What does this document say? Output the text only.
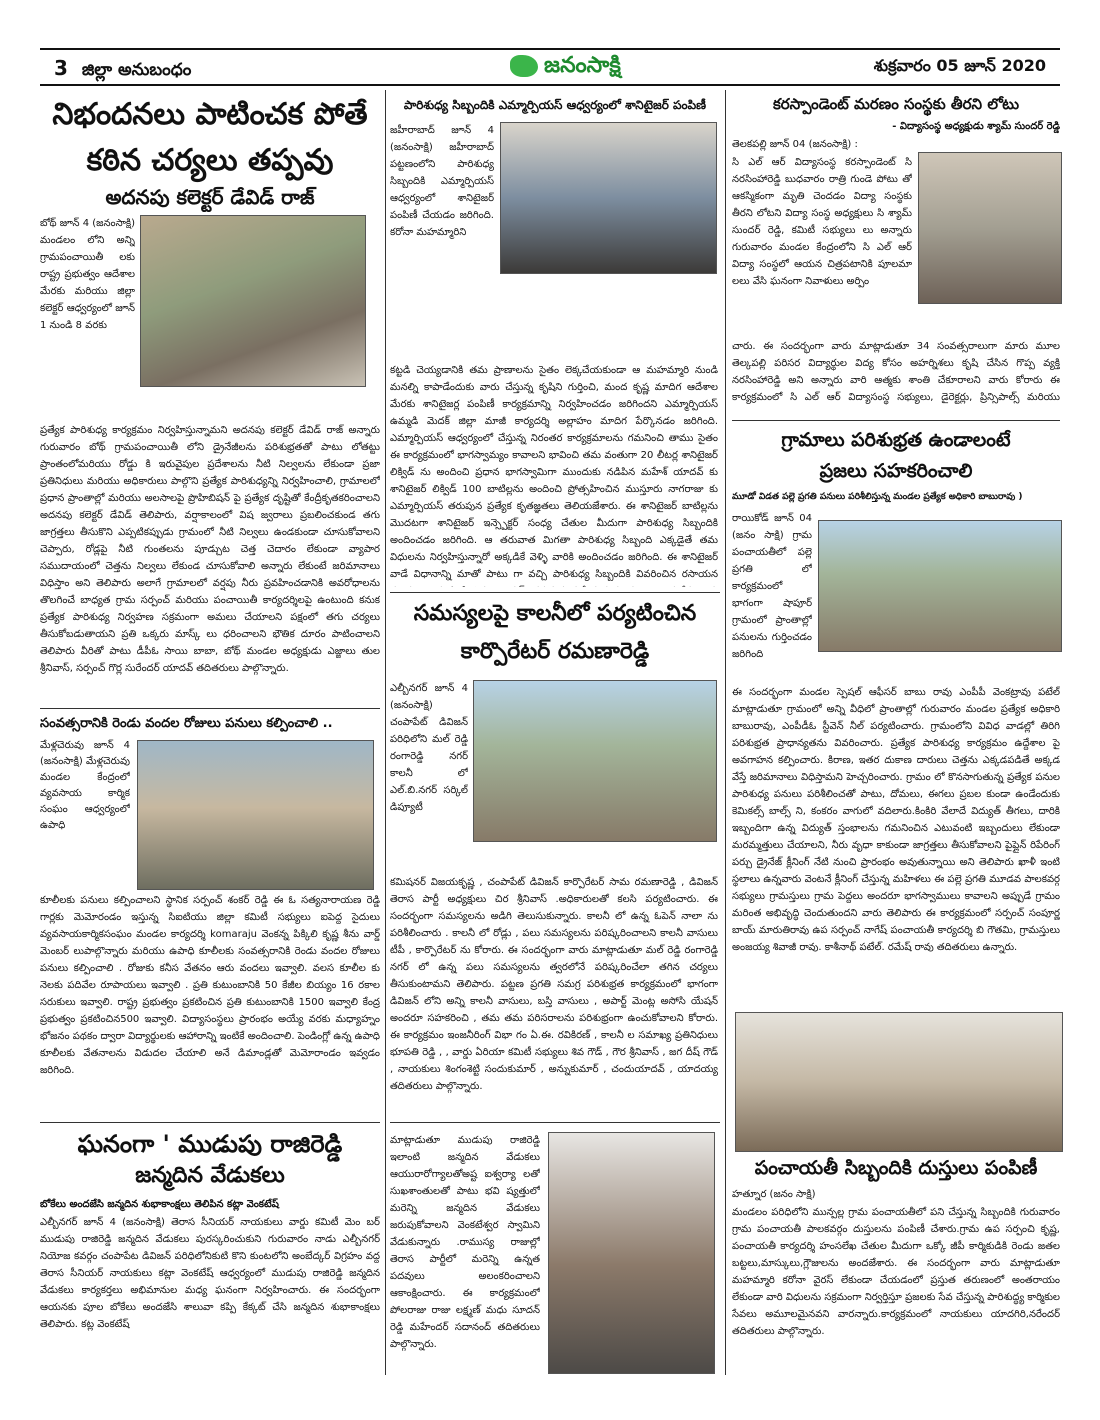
3 జిల్లా అనుబంధం	జనంసాక్షి	శుక్రవారం 05 జూన్ 2020
నిభందనలు పాటించక పోతే
కఠిన చర్యలు తప్పవు
అదనపు కలెక్టర్ డేవిడ్ రాజ్
బోథ్ జూన్ 4 (జనంసాక్షి) మండలం లోని అన్ని గ్రామపంచాయితీ లకు రాష్ట్ర ప్రభుత్వం ఆదేశాల మేరకు మరియు జిల్లా కలెక్టర్ ఆధ్వర్యంలో జూన్ 1 నుండి 8 వరకు
ప్రత్యేక పారిశుధ్య కార్యక్రమం నిర్వహిస్తున్నామని అదనపు కలెక్టర్ డేవిడ్ రాజ్ అన్నారు గురువారం బోథ్ గ్రామపంచాయితీ లోని డ్రైనేజీలను పరిశుభ్రతతో పాటు లోతట్టు ప్రాంతంలోమరియు రోడ్డు కి ఇరువైపుల ప్రదేశాలను నీటి నిల్వలను లేకుండా ప్రజా ప్రతినిధులు మరియు అధికారులు పాల్గొని ప్రత్యేక పారిశుధ్యన్ని నిర్వహించాలి, గ్రామాలలో ప్రధాన ప్రాంతాల్లో మరియు అలసాలపై ప్రొహిబిషన్ పై ప్రత్యేక దృష్టితో కేంద్రీకృతకరించాలని అదనపు కలెక్టర్ డేవిడ్ తెలిపారు, వర్షాకాలంలో విష జ్వరాలు ప్రబలించకుండ తగు జాగ్రత్తలు తీసుకొని ఎప్పటికప్పుడు గ్రామంలో నీటి నిల్వలు ఉండకుండా చూసుకోవాలని చెప్పారు, రోడ్లపై నీటి గుంతలను పూడ్చుట చెత్త చెదారం లేకుండా వ్యాపార సముదాయంలో చెత్తను నిల్వలు లేకుండ చూసుకోవాలి అన్నారు లేకుంటే జరిమానాలు విధిస్తాం అని తెలిపారు అలాగే గ్రామాలలో వర్షపు నీరు ప్రవహించడానికి అవరోధాలను తొలగించే బాధ్యత గ్రామ సర్పంచ్ మరియు పంచాయితీ కార్యదర్శిలపై ఉంటుంది కనుక ప్రత్యేక పారిశుధ్య నిర్వహణ సక్రమంగా అమలు చేయాలని పక్షంలో తగు చర్యలు తీసుకోబడుతాయని ప్రతి ఒక్కరు మాస్క్ లు ధరించాలని భౌతిక దూరం పాటించాలని తెలిపారు వీరితో పాటు డీపీఓ సాయి బాబా, బోథ్ మండల అధ్యక్షుడు ఎజ్జాలు తుల శ్రీనివాస్, సర్పంచ్ గొర్ల సురేందర్ యాదవ్ తదితరులు పాల్గొన్నారు.
సంవత్సరానికి రెండు వందల రోజులు పనులు కల్పించాలి ..
మేళ్లచెరువు జూన్ 4 (జనంసాక్షి) మేళ్లచెరువు మండల కేంద్రంలో వ్యవసాయ కార్మిక సంఘం ఆధ్వర్యంలో ఉపాధి
కూలీలకు పనులు కల్పించాలని స్థానిక సర్పంచ్ శంకర్ రెడ్డి ఈ ఓ సత్యనారాయణ రెడ్డి గార్లకు మెమోరండం ఇస్తున్న సిఐటియు జిల్లా కమిటీ సభ్యులు ఐపెద్ద సైదులు వ్యవసాయకార్మికసంఘం మండల కార్యదర్శి komaraju వెంకన్న పిక్కిలి కృష్ణ శీను వార్డ్ మెంబర్ లుపాల్గొన్నారు మరియు ఉపాధి కూలీలకు సంవత్సరానికి రెండు వందల రోజులు పనులు కల్పించాలి . రోజుకు కనీస వేతనం ఆరు వందలు ఇవ్వాలి. వలస కూలీల కు నెలకు పదివేల రూపాయలు ఇవ్వాలి . ప్రతి కుటుంబానికి 50 కేజీల బియ్యం 16 రకాల సరుకులు ఇవ్వాలి. రాష్ట్ర ప్రభుత్వం ప్రకటించిన ప్రతి కుటుంబానికి 1500 ఇవ్వాలి కేంద్ర ప్రభుత్వం ప్రకటించిన500 ఇవ్వాలి. విద్యాసంస్థలు ప్రారంభం అయ్యే వరకు మధ్యాహ్నం భోజనం పథకం ద్వారా విద్యార్థులకు ఆహారాన్ని ఇంటికే అందించాలి. పెండింగ్లో ఉన్న ఉపాధి కూలీలకు వేతనాలను విడుదల చేయాలి అనే డిమాండ్లతో మెమోరాండం ఇవ్వడం జరిగింది.
ఘనంగా ' ముడుపు రాజిరెడ్డి
జన్మదిన వేడుకలు
బోకేలు అందజేసి జన్మదిన శుభాకాంక్షలు తెలిపిన కట్లా వెంకటేష్
ఎల్బీనగర్ జూన్ 4 (జనంసాక్షి) తెరాస సీనియర్ నాయకులు వార్డు కమిటీ మెం బర్ ముడుపు రాజిరెడ్డి జన్మదిన వేడుకలు పురస్కరించుకుని గురువారం నాడు ఎల్బీనగర్ నియోజ కవర్గం చంపాపేట డివిజన్ పరిధిలోనికుటి కొని కుంటలోని అంబేద్కర్ విగ్రహం వద్ద తెరాస సీనియర్ నాయకులు కట్లా వెంకటేష్ ఆధ్వర్యంలో ముడుపు రాజిరెడ్డి జన్మదిన వేడుకలు కార్యకర్తలు అభిమానుల మధ్య ఘనంగా నిర్వహించారు. ఈ సందర్భంగా ఆయనకు పూల బోకేలు అందజేసి శాలువా కప్పి కేక్కట్ చేసి జన్మదిన శుభాకాంక్షలు తెలిపారు. కట్ల వెంకటేష్
మాట్లాడుతూ ముడుపు రాజిరెడ్డి ఇలాంటి జన్మదిన వేడుకలు ఆయురారోగ్యాలతోఅష్ట ఐశ్వర్యా లతో సుఖశాంతులతో పాటు భవి ష్యత్తులో మరెన్ని జన్మదిన వేడుకలు జరుపుకోవాలని వెంకటేశ్వర స్వామిని వేడుకున్నారు .రాముస్య రాజుల్లో తెరాస పార్టీలో మరెన్ని ఉన్నత పదవులు అలంకరించాలని ఆకాంక్షించారు. ఈ కార్యక్రమంలో పోలరాజు రాజు లక్ష్మణ్ మధు సూదన్ రెడ్డి మహేందర్ సదానంద్ తదితరులు పాల్గొన్నారు.
పారిశుధ్య సిబ్బందికి ఎమ్మార్పియస్ ఆధ్వర్యంలో శానిటైజర్ పంపిణీ
జహీరాబాద్ జూన్ 4 (జనంసాక్షి) జహీరాబాద్ పట్టణంలోని పారిశుధ్య సిబ్బందికి ఎమ్మార్పియస్ ఆధ్వర్యంలో శానిటైజర్ పంపిణీ చేయడం జరిగింది. కరోనా మహమ్మారిని
కట్టడి చెయ్యడానికి తమ ప్రాణాలను సైతం లెక్కచేయకుండా ఆ మహమ్మారి నుండి మనల్ని కాపాడేందుకు వారు చేస్తున్న కృషిని గుర్తించి, మంద కృష్ణ మాదిగ ఆదేశాల మేరకు శానిటైజర్ల పంపిణీ కార్యక్రమాన్ని నిర్వహించడం జరిగిందని ఎమ్మార్పియస్ ఉమ్మడి మెదక్ జిల్లా మాజీ కార్యదర్శి అల్లాహం మాదిగ పేర్కొనడం జరిగింది. ఎమ్మార్పియస్ ఆధ్వర్యంలో చేస్తున్న నిరంతర కార్యక్రమాలను గమనించి తాము సైతం ఈ కార్యక్రమంలో భాగస్వామ్యం కావాలని భావించి తమ వంతుగా 20 లీటర్ల శానిటైజర్ లిక్విడ్ ను అందించి ప్రధాన భాగస్వామిగా ముందుకు నడిపిన మహేశ్ యాదవ్ కు శానిటైజర్ లిక్విడ్ 100 బాటిల్లను అందించి ప్రోత్సహించిన ముస్తూరు నాగరాజు కు ఎమ్మార్పియస్ తరుపున ప్రత్యేక కృతజ్ఞతలు తెలియజేశారు. ఈ శానిటైజర్ బాటిల్లను మొదటగా శానిటైజర్ ఇన్స్పెక్టర్ సంధ్య చేతుల మీదుగా పారిశుధ్య సిబ్బందికి అందించడం జరిగింది. ఆ తరువాత మిగతా పారిశుధ్య సిబ్బంది ఎక్కడైతే తమ విధులను నిర్వహిస్తున్నారో అక్కడికే వెళ్ళి వారికి అందించడం జరిగింది. ఈ శానిటైజర్ వాడే విధానాన్ని మాతో పాటు గా వచ్చి పారిశుధ్య సిబ్బందికి వివరించిన రసాయన
సమస్యలపై కాలనీలో పర్యటించిన
కార్పొరేటర్ రమణారెడ్డి
ఎల్బీనగర్ జూన్ 4 (జనంసాక్షి) చంపాపేట్ డివిజన్ పరిధిలోని మల్ రెడ్డి రంగారెడ్డి నగర్ కాలనీ లో ఎల్.బి.నగర్ సర్కిల్ డిప్యూటీ
కమిషనర్ విజయకృష్ణ , చంపాపేట్ డివిజన్ కార్పొరేటర్ సామ రమణారెడ్డి , డివిజన్ తెరాస పార్టీ అధ్యక్షులు చిర శ్రీనివాస్ .అధికారులతో కలసి పర్యటించారు. ఈ సందర్భంగా సమస్యలను అడిగి తెలుసుకున్నారు. కాలనీ లో ఉన్న ఓపెన్ నాలా ను పరిశీలించారు . కాలనీ లో రోడ్లు , పలు సమస్యలను పరిష్కరించాలని కాలనీ వాసులు టీపీ , కార్పొరేటర్ ను కోరారు. ఈ సందర్భంగా వారు మాట్లాడుతూ మల్ రెడ్డి రంగారెడ్డి నగర్ లో ఉన్న పలు సమస్యలను త్వరలోనే పరిష్కరించేలా తగిన చర్యలు తీసుకుంటామని తెలిపారు. పట్టణ ప్రగతి సమగ్ర పరిశుభ్రత కార్యక్రమంలో భాగంగా డివిజన్ లోని అన్ని కాలనీ వాసులు, బస్తి వాసులు , అపార్ట్ మెంట్ల అసోసి యేషన్ అందరూ సహకరించి , తమ తమ పరిసరాలను పరిశుభ్రంగా ఉంచుకోవాలని కోరారు. ఈ కార్యక్రమం ఇంజనీరింగ్ విభా గం ఏ.ఈ. రవికిరణ్ , కాలనీ ల సమాఖ్య ప్రతినిధులు భూపతి రెడ్డి , , వార్డు ఏరియా కమిటీ సభ్యులు శివ గౌడ్ , గౌర శ్రీనివాస్ , జగ దీష్ గౌడ్ , నాయకులు శింగంశెట్టి సందుకుమార్ , అన్నుకుమార్ , చందుయాదవ్ , యాదయ్య తదితరులు పాల్గొన్నారు.
కరస్పాండెంట్ మరణం సంస్థకు తీరని లోటు
- విద్యాసంస్థ అధ్యక్షుడు శ్యామ్ సుందర్ రెడ్డి
తెలకపల్లి జూన్ 04 (జనంసాక్షి) :
సి ఎల్ ఆర్ విద్యాసంస్థ కరస్పాండెంట్ సి నరసింహారెడ్డి బుధవారం రాత్రి గుండె పోటు తో ఆకస్మికంగా మృతి చెందడం విద్యా సంస్థకు తీరని లోటని విద్యా సంస్థ అధ్యక్షులు సి శ్యామ్ సుందర్ రెడ్డి, కమిటీ సభ్యులు లు అన్నారు గురువారం మండల కేంద్రంలోని సి ఎల్ ఆర్ విద్యా సంస్థలో ఆయన చిత్రపటానికి పూలమా లలు వేసి ఘనంగా నివాళులు అర్పిం
చారు. ఈ సందర్భంగా వారు మాట్లాడుతూ 34 సంవత్సరాలుగా మారు మూల తెల్కపల్లి పరిసర విద్యార్థుల విద్య కోసం అహర్నిశలు కృషి చేసిన గొప్ప వ్యక్తి నరసింహారెడ్డి అని అన్నారు వారి ఆత్మకు శాంతి చేకూరాలని వారు కోరారు ఈ కార్యక్రమంలో సి ఎల్ ఆర్ విద్యాసంస్థ సభ్యులు, డైరెక్టర్లు, ప్రిన్సిపాల్స్ మరియు
గ్రామాలు పరిశుభ్రత ఉండాలంటే
ప్రజలు సహకరించాలి
మూడో విడత పల్లె ప్రగతి పనులు పరిశీలిస్తున్న మండల ప్రత్యేక అధికారి బాబురావు )
రాయికోడ్ జూన్ 04 (జనం సాక్షి) గ్రామ పంచాయతీలో పల్లె ప్రగతి లో కార్యక్రమంలో భాగంగా షాపూర్ గ్రామంలో ప్రాంతాల్లో పనులను గుర్తించడం జరిగింది
ఈ సందర్భంగా మండల స్పెషల్ ఆఫీసర్ బాబు రావు ఎంపీపీ వెంకట్రావు పటేల్ మాట్లాడుతూ గ్రామంలో అన్ని వీధిలో ప్రాంతాల్లో గురువారం మండల ప్రత్యేక అధికారి బాబురావు, ఎంపీడీఓ స్టీవెన్ నీల్ పర్యటించారు. గ్రామంలోని వివిధ వాడల్లో తిరిగి పరిశుభ్రత ప్రాధాన్యతను వివరించారు. ప్రత్యేక పారిశుధ్య కార్యక్రమం ఉద్దేశాల పై అవగాహన కల్పించారు. కిరాణ, ఇతర దుకాణ దారులు చెత్తను ఎక్కడపడితే అక్కడ వేస్తే జరిమానాలు విధిస్తామని హెచ్చరించారు. గ్రామం లో కొనసాగుతున్న ప్రత్యేక పనుల పారిశుధ్య పనులు పరిశీలించతో పాటు, దోమలు, ఈగలు ప్రబల కుండా ఉండేందుకు కెమికల్స్ బాల్స్ ని, కంకరం వాగులో వదిలారు.కింకిరి వేలాదే విద్యుత్ తీగలు, దారికి ఇబ్బందిగా ఉన్న విద్యుత్ స్తంభాలను గమనించిన ఎటువంటి ఇబ్బందులు లేకుండా మరమ్మత్తులు చేయాలని, నీరు వృధా కాకుండా జాగ్రత్తలు తీసుకోవాలని పైప్లైన్ రిపేరింగ్ పర్చు డ్రైనేజ్ క్లీనింగ్ నేటి నుంచి ప్రారంభం అవుతున్నాయి అని తెలిపారు ఖాళీ ఇంటి స్థలాలు ఉన్నవారు వెంటనే క్లీనింగ్ చేస్తున్న మహిళలు ఈ పల్లె ప్రగతి మూడవ పాలకవర్గ సభ్యులు గ్రామస్తులు గ్రామ పెద్దలు అందరూ భాగస్వాములు కావాలని అప్పుడే గ్రామం మరింత అభివృద్ధి చెందుతుందని వారు తెలిపారు ఈ కార్యక్రమంలో సర్పంచ్ సంపూర్ణ బాయ్ మారుతిరావు ఉప సర్పంచ్ నాగేష్ పంచాయతీ కార్యదర్శి బి గౌతమి, గ్రామస్తులు అంజయ్య శివాజీ రావు. కాశీనాథ్ పటేల్. రమేష్ రావు తదితరులు ఉన్నారు.
పంచాయతీ సిబ్బందికి దుస్తులు పంపిణీ
హత్నూర (జనం సాక్షి)
మండలం పరిధిలోని మున్పల్ల గ్రామ పంచాయతీలో పని చేస్తున్న సిబ్బందికి గురువారం గ్రామ పంచాయతీ పాలకవర్గం దుస్తులను పంపిణీ చేశారు.గ్రామ ఉప సర్పంచి కృష్ణ, పంచాయతీ కార్యదర్శి హంసలేఖ చేతుల మీదుగా ఒక్కో జీపీ కార్మికుడికి రెండు జతల బట్టలు,మాస్కులు,గ్లౌజులను అందజేశారు. ఈ సందర్భంగా వారు మాట్లాడుతూ మహమ్మారి కరోనా వైరస్ లేకుండా చేయడంలో ప్రస్తుత తరుణంలో అంతరాయం లేకుండా వారి విధులను సక్రమంగా నిర్వర్తిస్తూ ప్రజలకు సేవ చేస్తున్న పారిశుద్ధ్య కార్మికుల సేవలు అమూలమైనవని వారన్నారు.కార్యక్రమంలో నాయకులు యాదగిరి,నరేందర్ తదితరులు పాల్గొన్నారు.
